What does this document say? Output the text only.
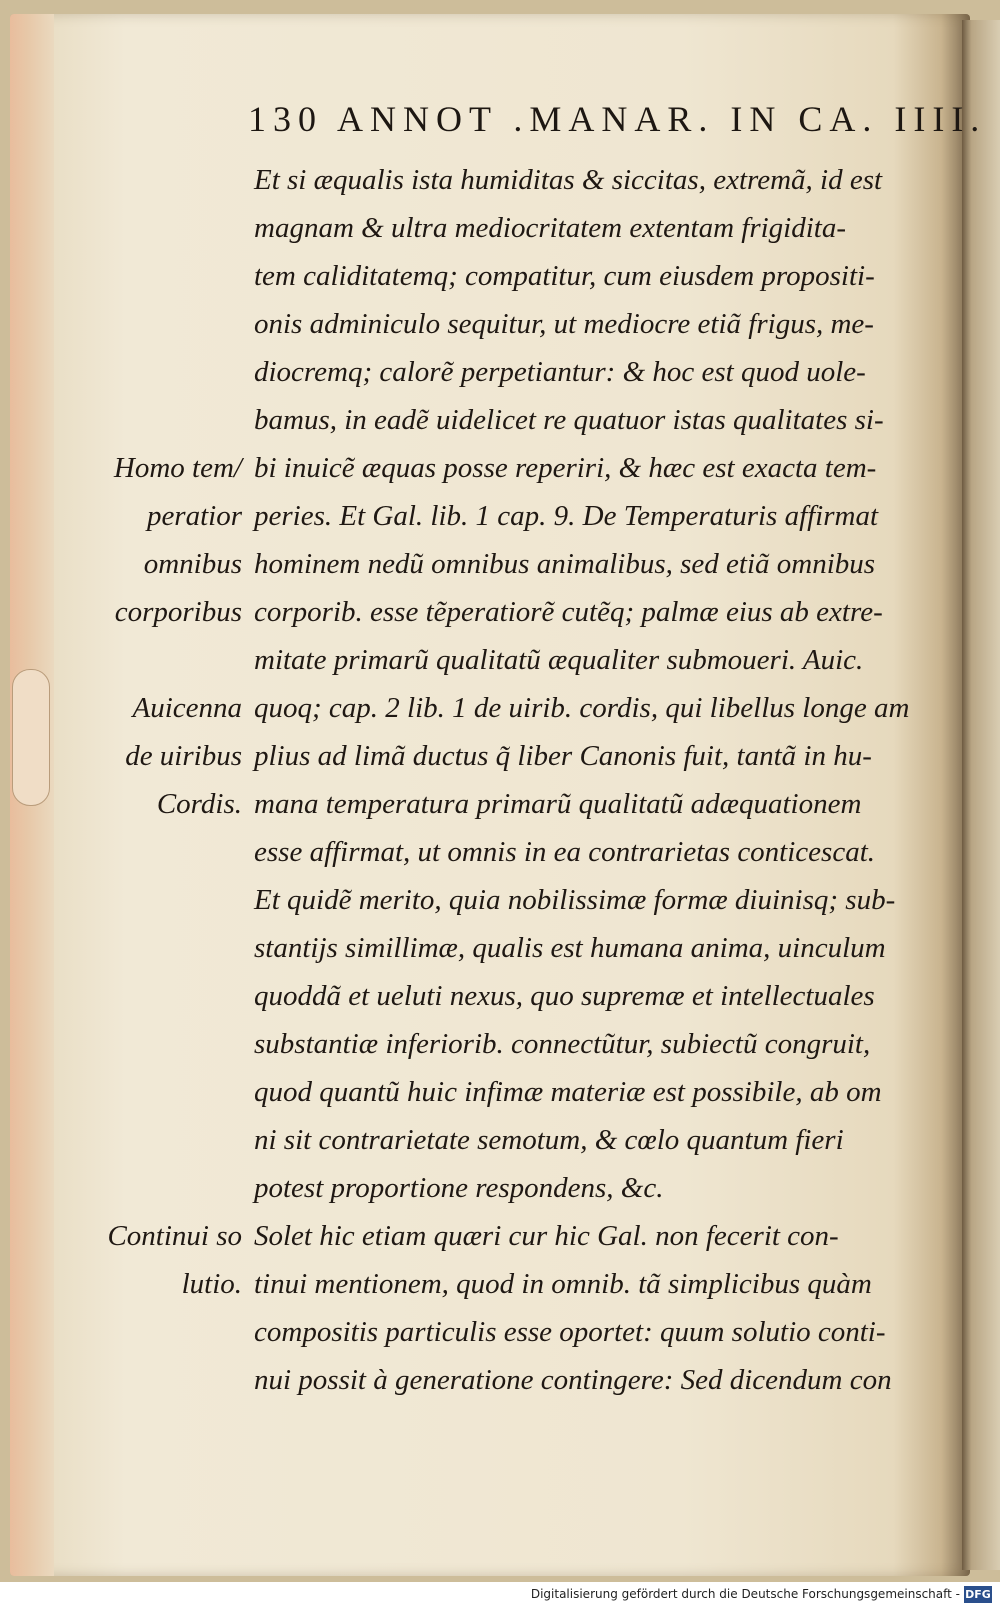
130 ANNOT .MANAR. IN CA. IIII.
Et si æqualis ista humiditas & siccitas, extremã, id est
magnam & ultra mediocritatem extentam frigidita-
tem caliditatemq; compatitur, cum eiusdem propositi-
onis adminiculo sequitur, ut mediocre etiã frigus, me-
diocremq; calorẽ perpetiantur: & hoc est quod uole-
bamus, in eadẽ uidelicet re quatuor istas qualitates si-
bi inuicẽ æquas posse reperiri, & hæc est exacta tem-
peries. Et Gal. lib. 1 cap. 9. De Temperaturis affirmat
hominem nedũ omnibus animalibus, sed etiã omnibus
corporib. esse tẽperatiorẽ cutẽq; palmæ eius ab extre-
mitate primarũ qualitatũ æqualiter submoueri. Auic.
quoq; cap. 2 lib. 1 de uirib. cordis, qui libellus longe am
plius ad limã ductus q̃ liber Canonis fuit, tantã in hu-
mana temperatura primarũ qualitatũ adæquationem
esse affirmat, ut omnis in ea contrarietas conticescat.
Et quidẽ merito, quia nobilissimæ formæ diuinisq; sub-
stantijs simillimæ, qualis est humana anima, uinculum
quoddã et ueluti nexus, quo supremæ et intellectuales
substantiæ inferiorib. connectũtur, subiectũ congruit,
quod quantũ huic infimæ materiæ est possibile, ab om
ni sit contrarietate semotum, & cœlo quantum fieri
potest proportione respondens, &c.
Solet hic etiam quæri cur hic Gal. non fecerit con-
tinui mentionem, quod in omnib. tã simplicibus quàm
compositis particulis esse oportet: quum solutio conti-
nui possit à generatione contingere: Sed dicendum con
Homo tem/
peratior
omnibus
corporibus
Auicenna
de uiribus
Cordis.
Continui so
lutio.
Digitalisierung gefördert durch die Deutsche Forschungsgemeinschaft - DFG
